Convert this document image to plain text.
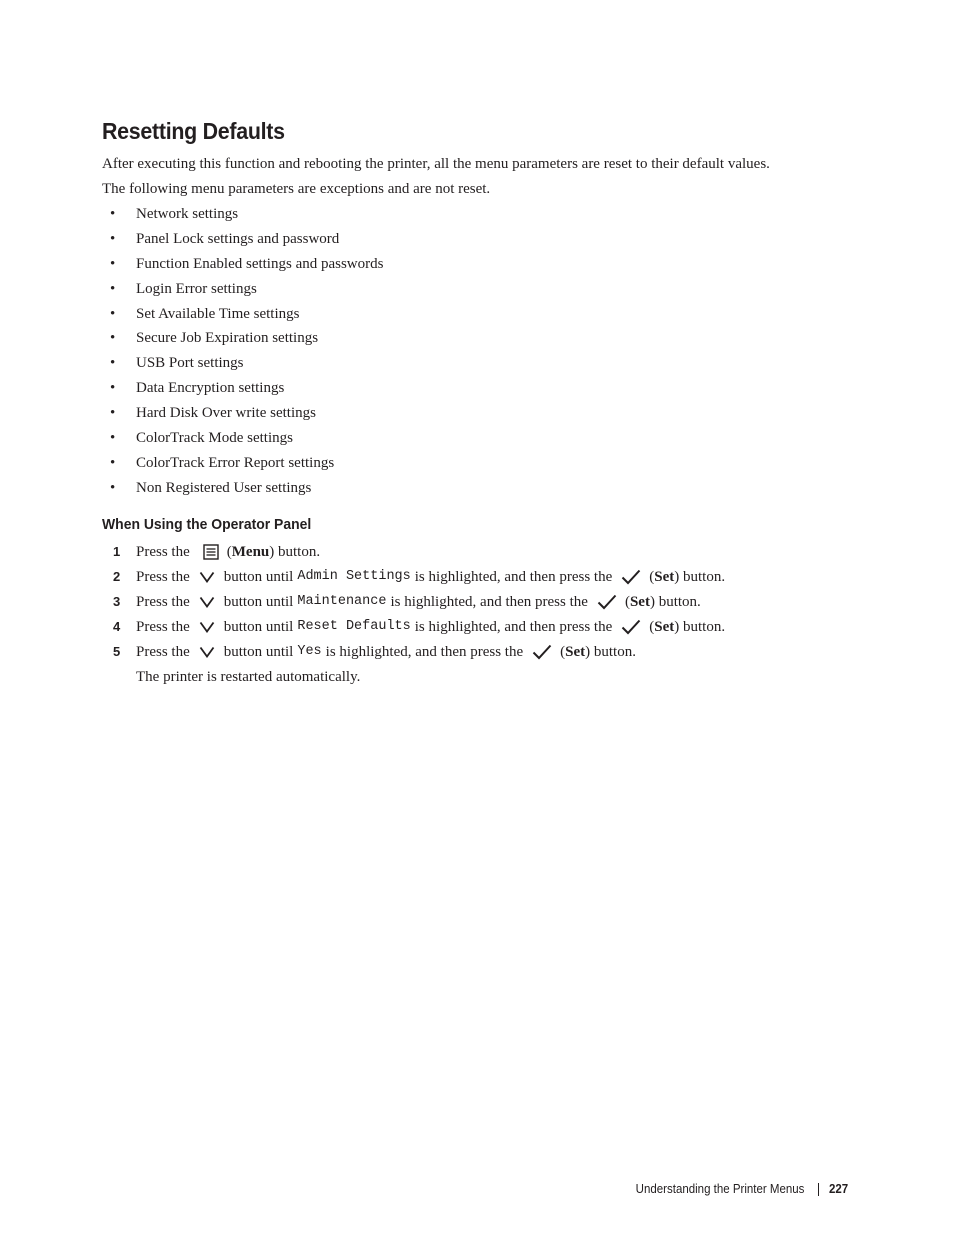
Resetting Defaults

After executing this function and rebooting the printer, all the menu parameters are reset to their default values.

The following menu parameters are exceptions and are not reset.

•	Network settings
•	Panel Lock settings and password
•	Function Enabled settings and passwords
•	Login Error settings
•	Set Available Time settings
•	Secure Job Expiration settings
•	USB Port settings
•	Data Encryption settings
•	Hard Disk Over write settings
•	ColorTrack Mode settings
•	ColorTrack Error Report settings
•	Non Registered User settings
When Using the Operator Panel
1 Press the ( Menu ) button.
2 Press the button until Admin Settings is highlighted, and then press the ( Set ) button.
3 Press the button until Maintenance is highlighted, and then press the ( Set ) button.
4 Press the button until Reset Defaults is highlighted, and then press the ( Set ) button.
5 Press the button until Yes is highlighted, and then press the ( Set ) button.

The printer is restarted automatically.

Understanding the Printer Menus 227
